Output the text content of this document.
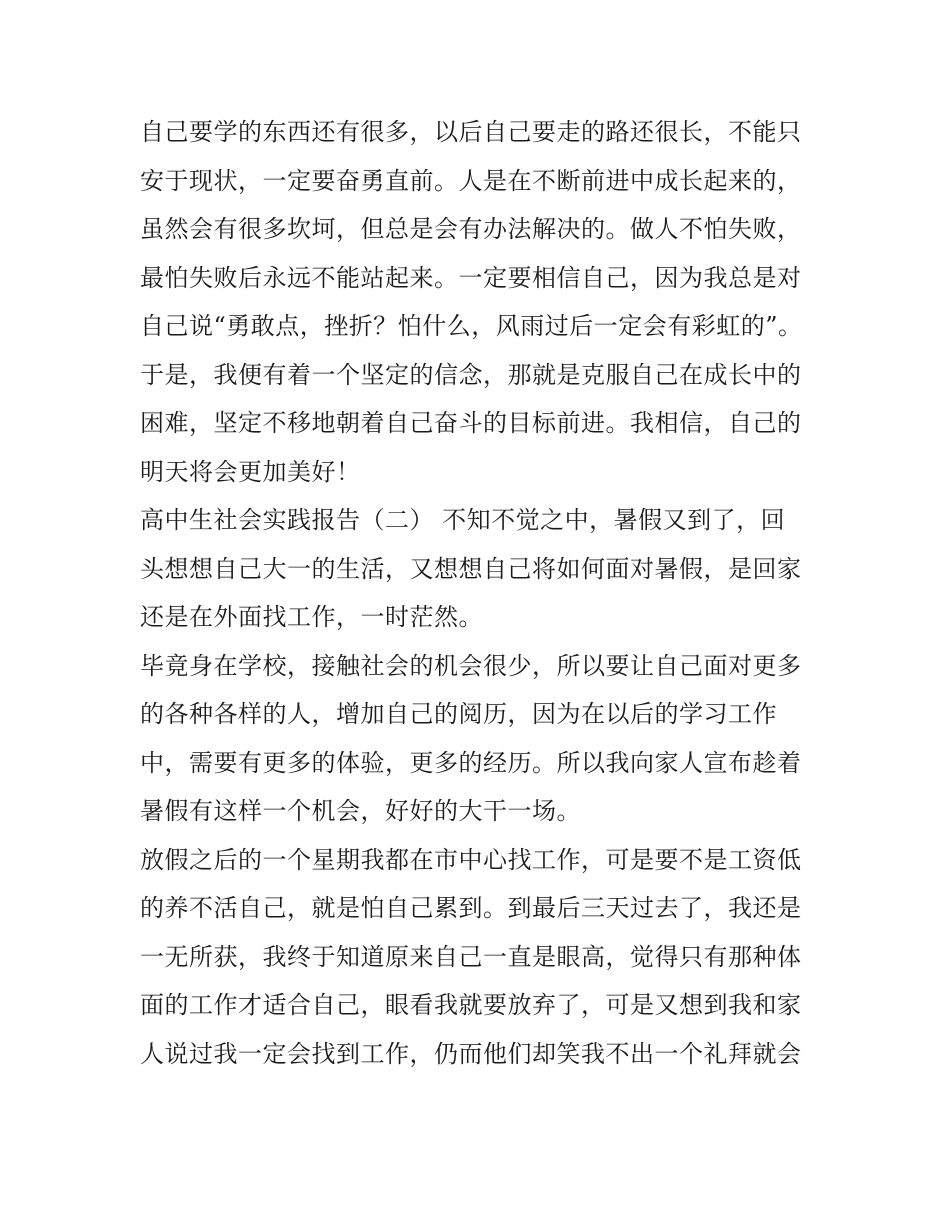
自己要学的东西还有很多，以后自己要走的路还很长，不能只
安于现状，一定要奋勇直前。人是在不断前进中成长起来的，
虽然会有很多坎坷，但总是会有办法解决的。做人不怕失败，
最怕失败后永远不能站起来。一定要相信自己，因为我总是对
自己说“勇敢点，挫折？怕什么，风雨过后一定会有彩虹的”。
于是，我便有着一个坚定的信念，那就是克服自己在成长中的
困难，坚定不移地朝着自己奋斗的目标前进。我相信，自己的
明天将会更加美好！
高中生社会实践报告（二） 不知不觉之中，暑假又到了，回
头想想自己大一的生活，又想想自己将如何面对暑假，是回家
还是在外面找工作，一时茫然。
毕竟身在学校，接触社会的机会很少，所以要让自己面对更多
的各种各样的人，增加自己的阅历，因为在以后的学习工作
中，需要有更多的体验，更多的经历。所以我向家人宣布趁着
暑假有这样一个机会，好好的大干一场。
放假之后的一个星期我都在市中心找工作，可是要不是工资低
的养不活自己，就是怕自己累到。到最后三天过去了，我还是
一无所获，我终于知道原来自己一直是眼高，觉得只有那种体
面的工作才适合自己，眼看我就要放弃了，可是又想到我和家
人说过我一定会找到工作，仍而他们却笑我不出一个礼拜就会
